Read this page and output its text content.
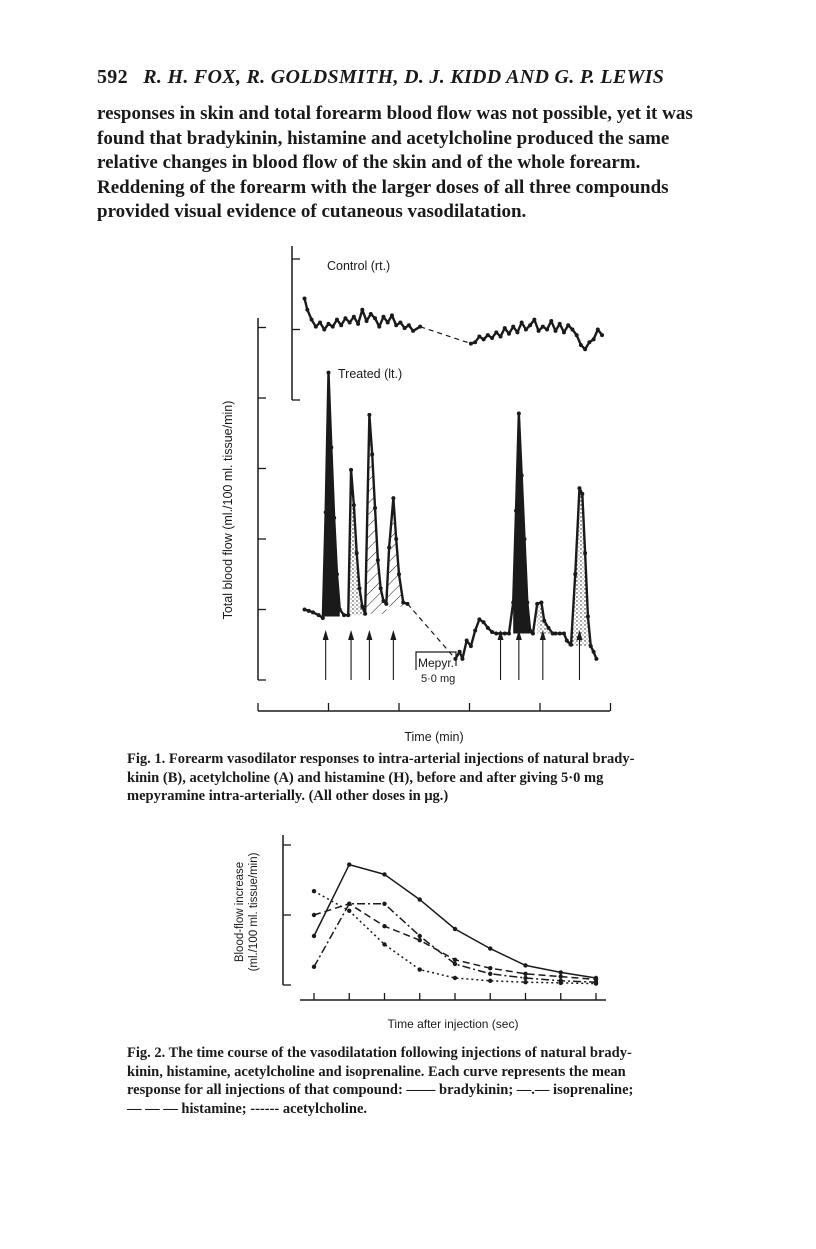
592 R. H. FOX, R. GOLDSMITH, D. J. KIDD AND G. P. LEWIS
responses in skin and total forearm blood flow was not possible, yet it was
found that bradykinin, histamine and acetylcholine produced the same
relative changes in blood flow of the skin and of the whole forearm.
Reddening of the forearm with the larger doses of all three compounds
provided visual evidence of cutaneous vasodilatation.
Total blood flow (ml./100 ml. tissue/min)
Time (min)
Control (rt.)
Treated (lt.)
Mepyr.
5·0 mg
Blood-flow increase (ml./100 ml. tissue/min)
Time after injection (sec)
Fig. 1. Forearm vasodilator responses to intra-arterial injections of natural brady-
kinin (B), acetylcholine (A) and histamine (H), before and after giving 5·0 mg
mepyramine intra-arterially. (All other doses in μg.)
Fig. 2. The time course of the vasodilatation following injections of natural brady-
kinin, histamine, acetylcholine and isoprenaline. Each curve represents the mean
response for all injections of that compound: —— bradykinin; —.— isoprenaline;
— — — histamine; ------ acetylcholine.
